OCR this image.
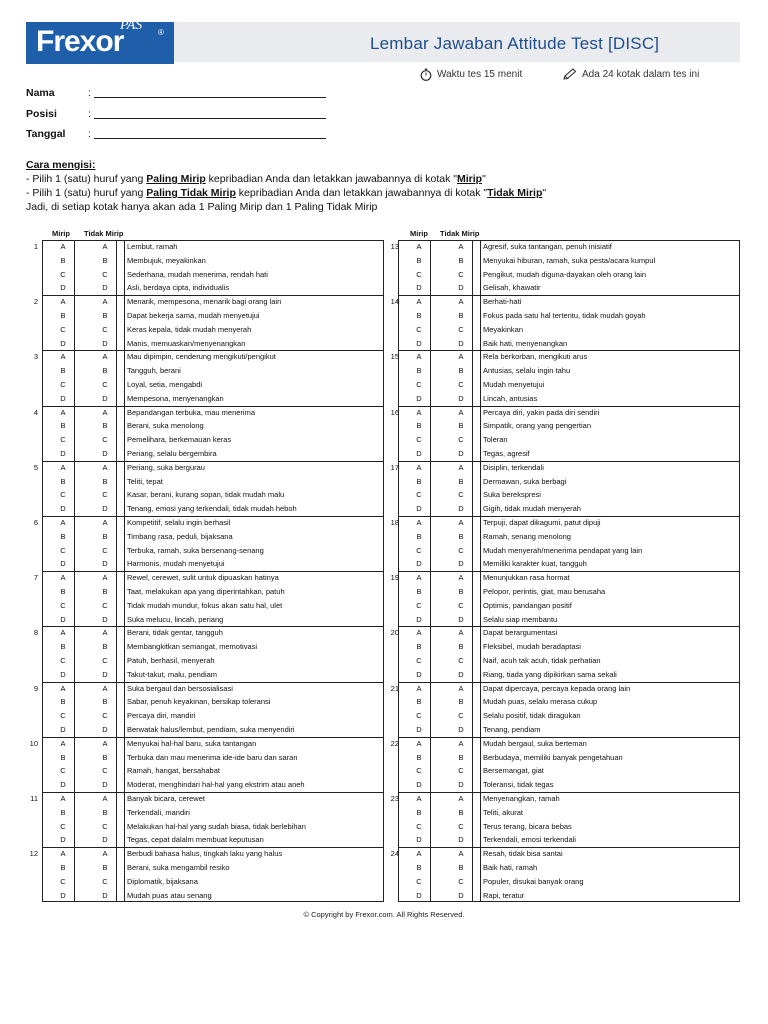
Frexor
PAS ®
Lembar Jawaban Attitude Test [DISC]
Waktu tes 15 menit	Ada 24 kotak dalam tes ini
Nama	:
Posisi	:
Tanggal :
Cara mengisi:
- Pilih 1 (satu) huruf yang Paling Mirip kepribadian Anda dan letakkan jawabannya di kotak "Mirip"
- Pilih 1 (satu) huruf yang Paling Tidak Mirip kepribadian Anda dan letakkan jawabannya di kotak "Tidak Mirip"
Jadi, di setiap kotak hanya akan ada 1 Paling Mirip dan 1 Paling Tidak Mirip
Mirip Tidak Mirip	Mirip Tidak Mirip
1	A	A	Lembut, ramah
B	B	Membujuk, meyakinkan
C	C	Sederhana, mudah menerima, rendah hati
D	D	Asli, berdaya cipta, individualis
2	A	A	Menarik, mempesona, menarik bagi orang lain
B	B	Dapat bekerja sama, mudah menyetujui
C	C	Keras kepala, tidak mudah menyerah
D	D	Manis, memuaskan/menyenangkan
3	A	A	Mau dipimpin, cenderung mengikuti/pengikut
B	B	Tangguh, berani
C	C	Loyal, setia, mengabdi
D	D	Mempesona, menyenangkan
4	A	A	Bepandangan terbuka, mau menerima
B	B	Berani, suka menolong
C	C	Pemelihara, berkemauan keras
D	D	Periang, selalu bergembira
5	A	A	Periang, suka bergurau
B	B	Teliti, tepat
C	C	Kasar, berani, kurang sopan, tidak mudah malu
D	D	Tenang, emosi yang terkendali, tidak mudah heboh
6	A	A	Kompetitif, selalu ingin berhasil
B	B	Timbang rasa, peduli, bijaksana
C	C	Terbuka, ramah, suka bersenang-senang
D	D	Harmonis, mudah menyetujui
7	A	A	Rewel, cerewet, sulit untuk dipuaskan hatinya
B	B	Taat, melakukan apa yang diperintahkan, patuh
C	C	Tidak mudah mundur, fokus akan satu hal, ulet
D	D	Suka melucu, lincah, periang
8	A	A	Berani, tidak gentar, tangguh
B	B	Membangkitkan semangat, memotivasi
C	C	Patuh, berhasil, menyerah
D	D	Takut-takut, malu, pendiam
9	A	A	Suka bergaul dan bersosialisasi
B	B	Sabar, penuh keyakinan, bersikap toleransi
C	C	Percaya diri, mandiri
D	D	Berwatak halus/lembut, pendiam, suka menyendiri
10	A	A	Menyukai hal-hal baru, suka tantangan
B	B	Terbuka dan mau menerima ide-ide baru dan saran
C	C	Ramah, hangat, bersahabat
D	D	Moderat, menghindari hal-hal yang ekstrim atau aneh
11	A	A	Banyak bicara, cerewet
B	B	Terkendali, mandiri
C	C	Melakukan hal-hal yang sudah biasa, tidak berlebihan
D	D	Tegas, cepat dalalm membuat keputusan
12	A	A	Berbudi bahasa halus, tingkah laku yang halus
B	B	Berani, suka mengambil resiko
C	C	Diplomatik, bijaksana
D	D	Mudah puas atau senang
13	A	A	Agresif, suka tantangan, penuh inisiatif
B	B	Menyukai hiburan, ramah, suka pesta/acara kumpul
C	C	Pengikut, mudah diguna-dayakan oleh orang lain
D	D	Gelisah, khawatir
14	A	A	Berhati-hati
B	B	Fokus pada satu hal tertentu, tidak mudah goyah
C	C	Meyakinkan
D	D	Baik hati, menyenangkan
15	A	A	Rela berkorban, mengikuti arus
B	B	Antusias, selalu ingin tahu
C	C	Mudah menyetujui
D	D	Lincah, antusias
16	A	A	Percaya diri, yakin pada diri sendiri
B	B	Simpatik, orang yang pengertian
C	C	Toleran
D	D	Tegas, agresif
17	A	A	Disiplin, terkendali
B	B	Dermawan, suka berbagi
C	C	Suka berekspresi
D	D	Gigih, tidak mudah menyerah
18	A	A	Terpuji, dapat dikagumi, patut dipuji
B	B	Ramah, senang menolong
C	C	Mudah menyerah/menerima pendapat yang lain
D	D	Memiliki karakter kuat, tangguh
19	A	A	Menunjukkan rasa hormat
B	B	Pelopor, perintis, giat, mau berusaha
C	C	Optimis, pandangan positif
D	D	Selalu siap membantu
20	A	A	Dapat berargumentasi
B	B	Fleksibel, mudah beradaptasi
C	C	Naif, acuh tak acuh, tidak perhatian
D	D	Riang, tiada yang dipikirkan sama sekali
21	A	A	Dapat dipercaya, percaya kepada orang lain
B	B	Mudah puas, selalu merasa cukup
C	C	Selalu positif, tidak diragukan
D	D	Tenang, pendiam
22	A	A	Mudah bergaul, suka berteman
B	B	Berbudaya, memiliki banyak pengetahuan
C	C	Bersemangat, giat
D	D	Toleransi, tidak tegas
23	A	A	Menyenangkan, ramah
B	B	Teliti, akurat
C	C	Terus terang, bicara bebas
D	D	Terkendali, emosi terkendali
24	A	A	Resah, tidak bisa santai
B	B	Baik hati, ramah
C	C	Populer, disukai banyak orang
D	D	Rapi, teratur
© Copyright by Frexor.com. All Rights Reserved.
